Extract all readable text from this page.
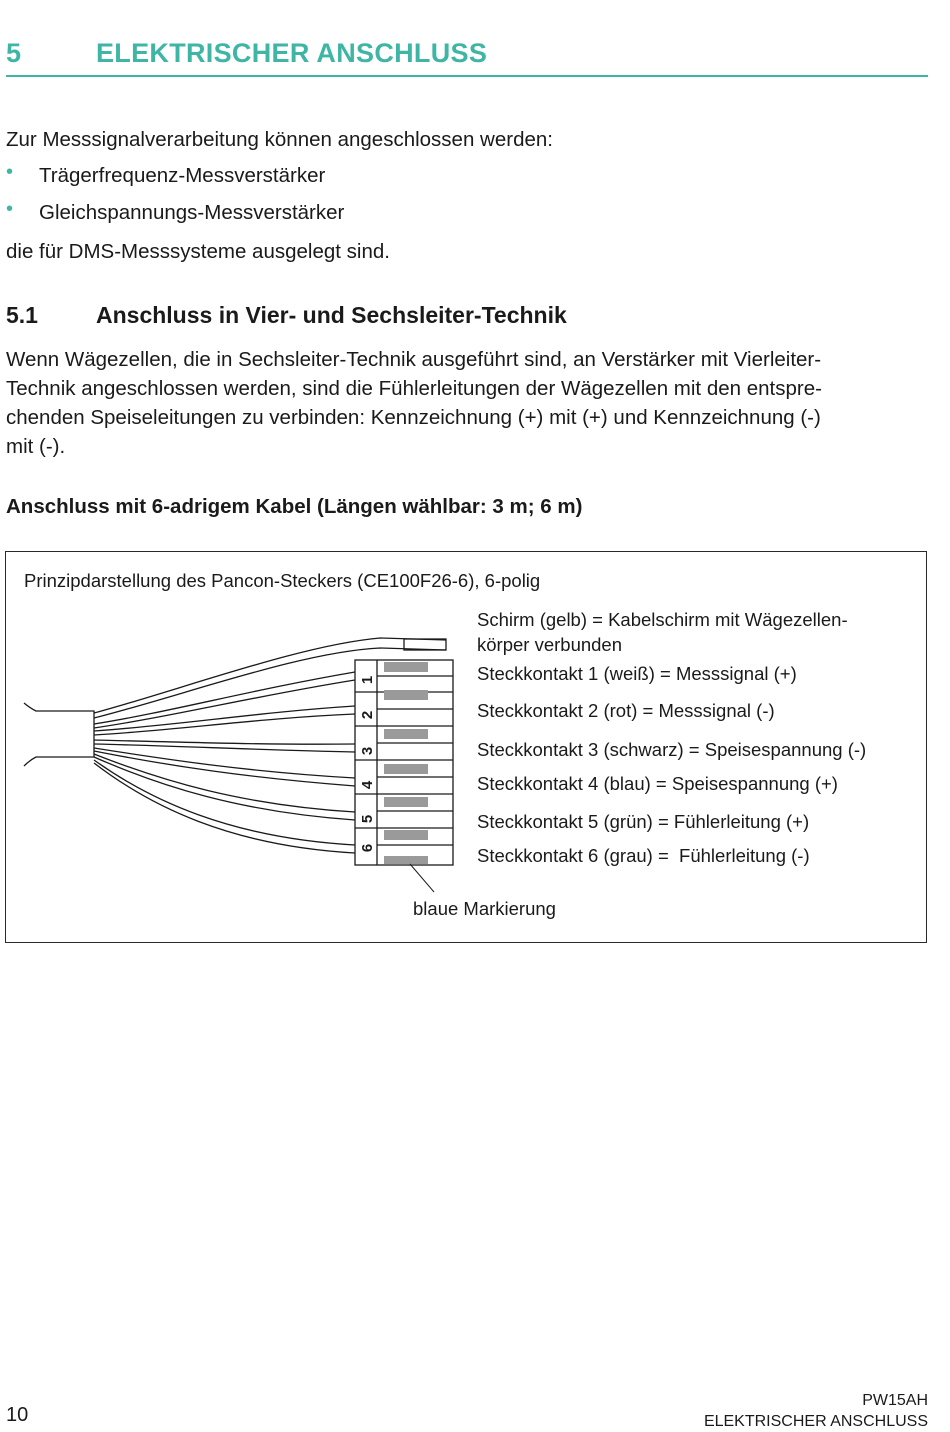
5	ELEKTRISCHER ANSCHLUSS
Zur Messsignalverarbeitung können angeschlossen werden:
• Trägerfrequenz-Messverstärker
• Gleichspannungs-Messverstärker
die für DMS-Messsysteme ausgelegt sind.
5.1	Anschluss in Vier- und Sechsleiter-Technik
Wenn Wägezellen, die in Sechsleiter-Technik ausgeführt sind, an Verstärker mit Vierleiter-
Technik angeschlossen werden, sind die Fühlerleitungen der Wägezellen mit den entspre-
chenden Speiseleitungen zu verbinden: Kennzeichnung (+) mit (+) und Kennzeichnung (-)
mit (-).
Anschluss mit 6-adrigem Kabel (Längen wählbar: 3 m; 6 m)
Prinzipdarstellung des Pancon-Steckers (CE100F26-6), 6-polig
1
2
3
4
5
6
Schirm (gelb) = Kabelschirm mit Wägezellen-
körper verbunden
Steckkontakt 1 (weiß) = Messsignal (+)
Steckkontakt 2 (rot) = Messsignal (-)
Steckkontakt 3 (schwarz) = Speisespannung (-)
Steckkontakt 4 (blau) = Speisespannung (+)
Steckkontakt 5 (grün) = Fühlerleitung (+)
Steckkontakt 6 (grau) =  Fühlerleitung (-)
blaue Markierung
10
PW15AH
ELEKTRISCHER ANSCHLUSS
